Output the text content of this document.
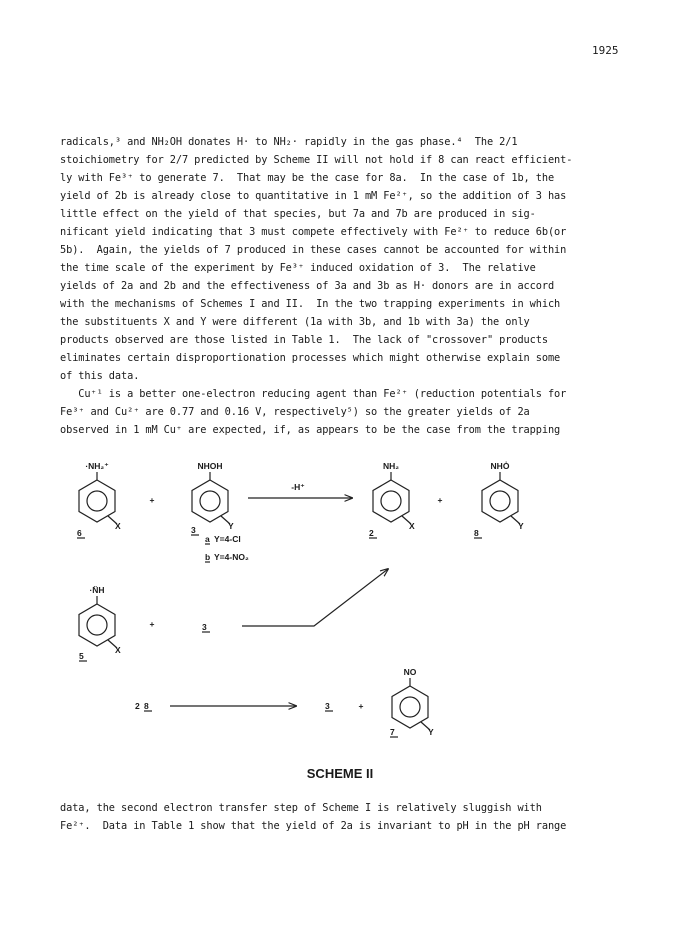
1925
radicals,³ and NH₂OH donates H· to NH₂· rapidly in the gas phase.⁴  The 2/1
stoichiometry for 2/7 predicted by Scheme II will not hold if 8 can react efficient-
ly with Fe³⁺ to generate 7.  That may be the case for 8a.  In the case of 1b, the
yield of 2b is already close to quantitative in 1 mM Fe²⁺, so the addition of 3 has
little effect on the yield of that species, but 7a and 7b are produced in sig-
nificant yield indicating that 3 must compete effectively with Fe²⁺ to reduce 6b(or
5b).  Again, the yields of 7 produced in these cases cannot be accounted for within
the time scale of the experiment by Fe³⁺ induced oxidation of 3.  The relative
yields of 2a and 2b and the effectiveness of 3a and 3b as H· donors are in accord
with the mechanisms of Schemes I and II.  In the two trapping experiments in which
the substituents X and Y were different (1a with 3b, and 1b with 3a) the only
products observed are those listed in Table 1.  The lack of "crossover" products
eliminates certain disproportionation processes which might otherwise explain some
of this data.
Cu⁺¹ is a better one-electron reducing agent than Fe²⁺ (reduction potentials for
Fe³⁺ and Cu²⁺ are 0.77 and 0.16 V, respectively⁵) so the greater yields of 2a
observed in 1 mM Cu⁺ are expected, if, as appears to be the case from the trapping
·NH₂⁺
X
6
+
NHOH
Y
3
a Y=4-Cl
b Y=4-NO₂
-H⁺
NH₂
X
2
+
NHȮ
Y
8
·N̈H
X
5
+	3
2 8	3	+
NO
Y
7
SCHEME II
data, the second electron transfer step of Scheme I is relatively sluggish with
Fe²⁺.  Data in Table 1 show that the yield of 2a is invariant to pH in the pH range
